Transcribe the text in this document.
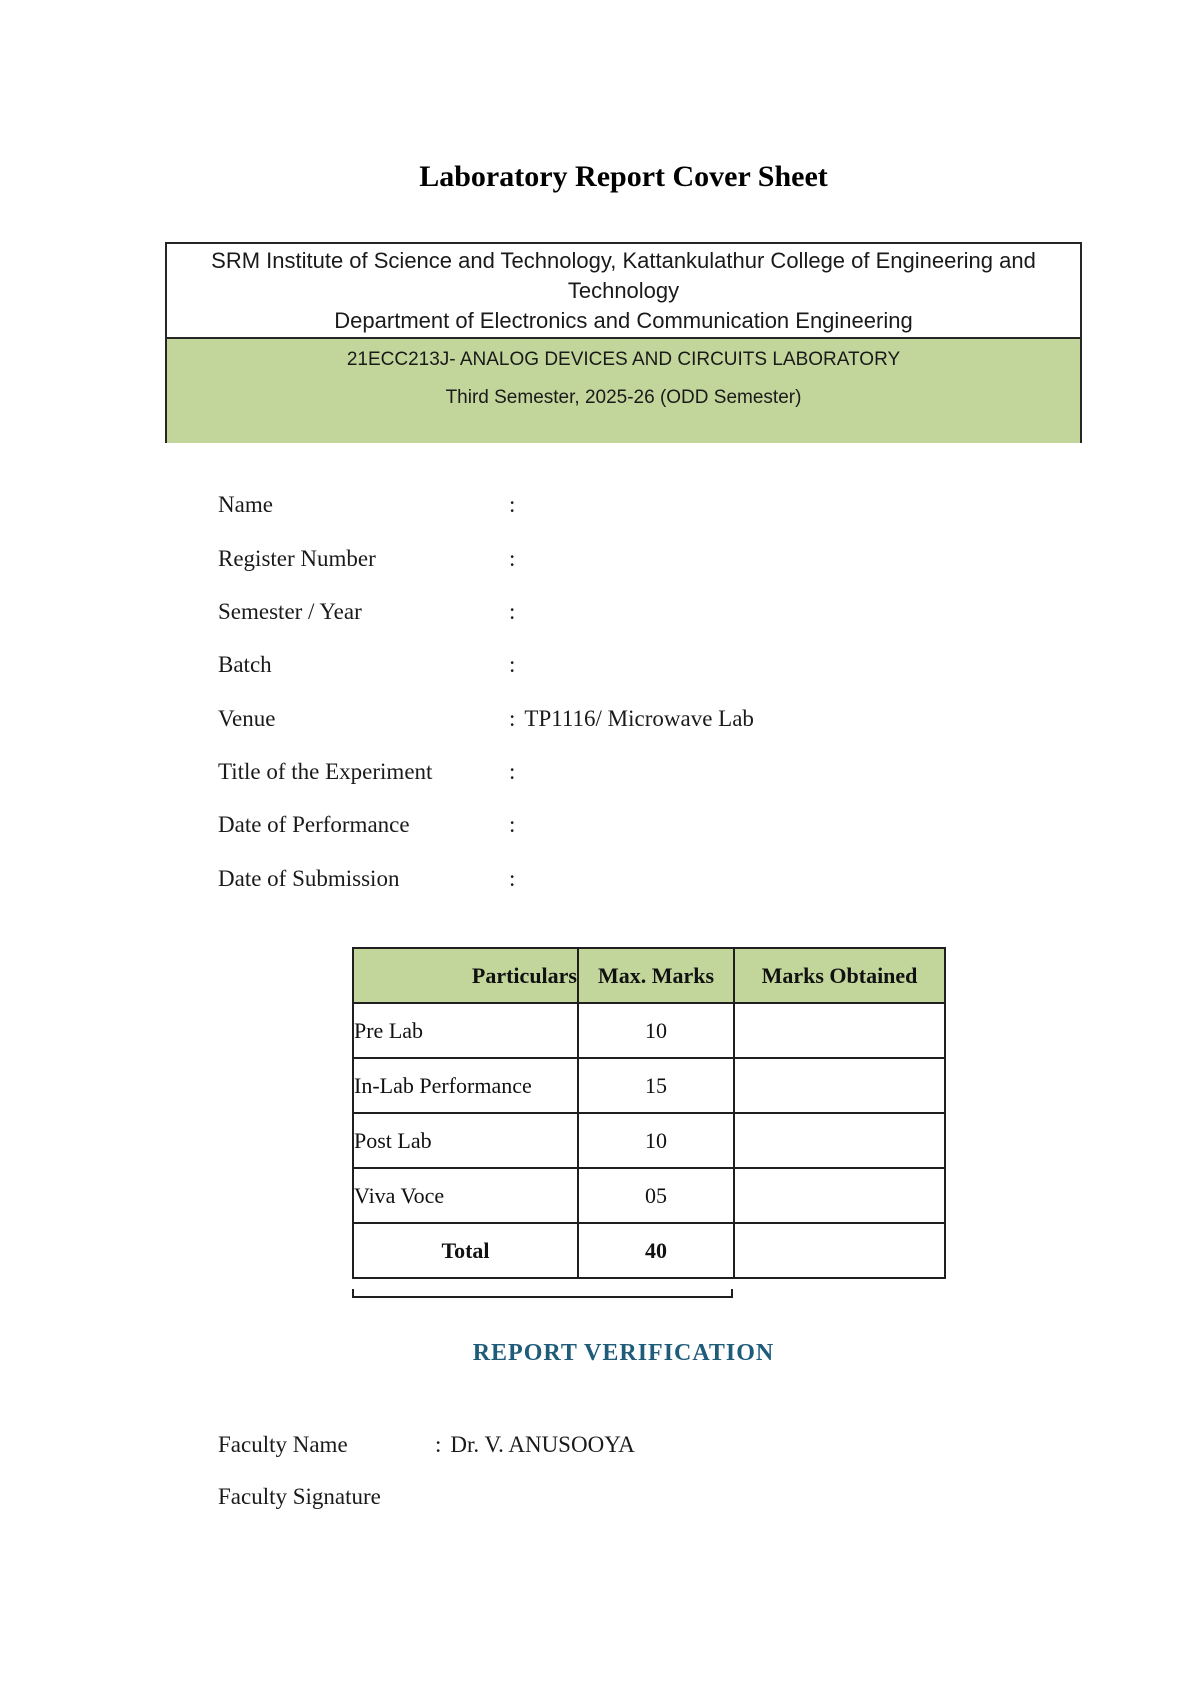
Laboratory Report Cover Sheet
SRM Institute of Science and Technology, Kattankulathur College of Engineering and Technology
Department of Electronics and Communication Engineering
21ECC213J- ANALOG DEVICES AND CIRCUITS LABORATORY
Third Semester, 2025-26 (ODD Semester)

Name	:

Register Number	:

Semester / Year	:

Batch	:

Venue	: TP1116/ Microwave Lab

Title of the Experiment	:

Date of Performance	:

Date of Submission	:

Particulars	Max. Marks	Marks Obtained
Pre Lab	10	
In-Lab Performance	15	
Post Lab	10	
Viva Voce	05	
Total	40	
REPORT VERIFICATION

Faculty Name	: Dr. V. ANUSOOYA

Faculty Signature
